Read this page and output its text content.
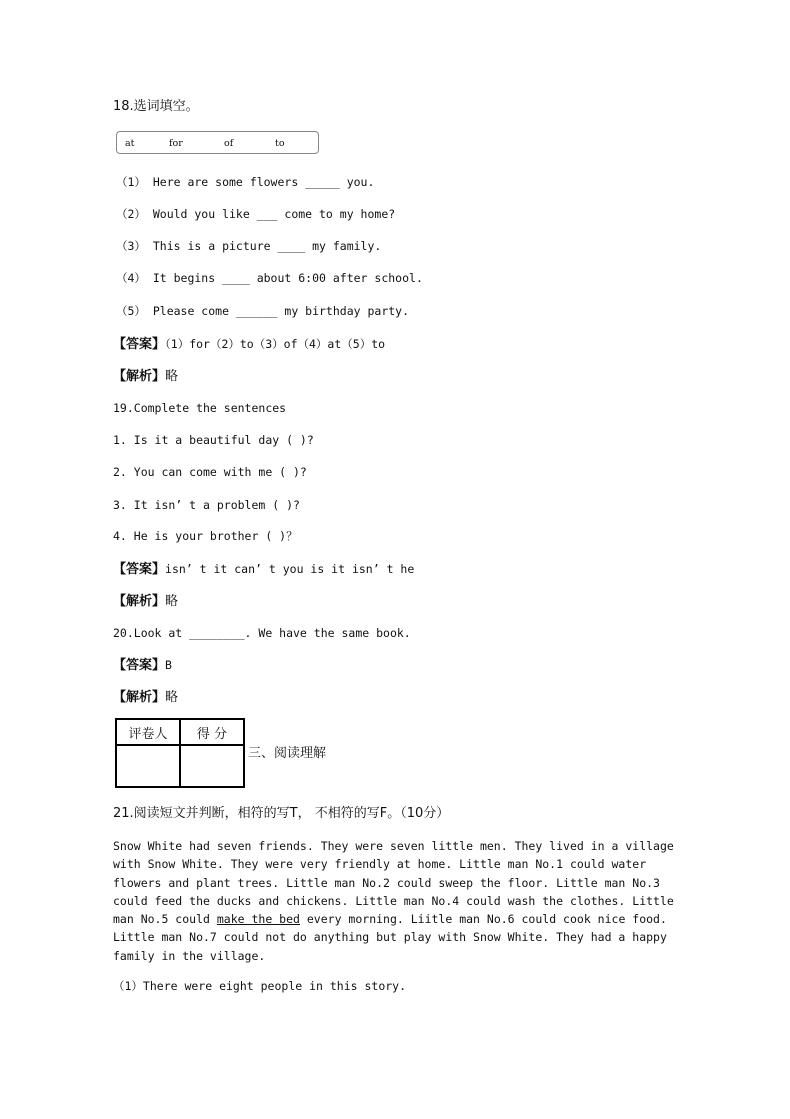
18.选词填空。
at	for	of	to
（1） Here are some flowers _____ you.
（2） Would you like ___ come to my home?
（3） This is a picture ____ my family.
（4） It begins ____ about 6:00 after school.
（5） Please come ______ my birthday party.
【答案】（1）for（2）to（3）of（4）at（5）to
【解析】略
19.Complete the sentences
1. Is it a beautiful day ( )?
2. You can come with me ( )?
3. It isn’ t a problem ( )?
4. He is your brother ( )？
【答案】isn’ t it can’ t you is it isn’ t he
【解析】略
20.Look at ________. We have the same book.
【答案】B
【解析】略
评卷人	得 分

三、阅读理解
21.阅读短文并判断，相符的写T， 不相符的写F。（10分）
Snow White had seven friends. They were seven little men. They lived in a village with Snow White. They were very friendly at home. Little man No.1 could water flowers and plant trees. Little man No.2 could sweep the floor. Little man No.3 could feed the ducks and chickens. Little man No.4 could wash the clothes. Little man No.5 could make the bed every morning. Liitle man No.6 could cook nice food. Little man No.7 could not do anything but play with Snow White. They had a happy family in the village.
（1）There were eight people in this story.
